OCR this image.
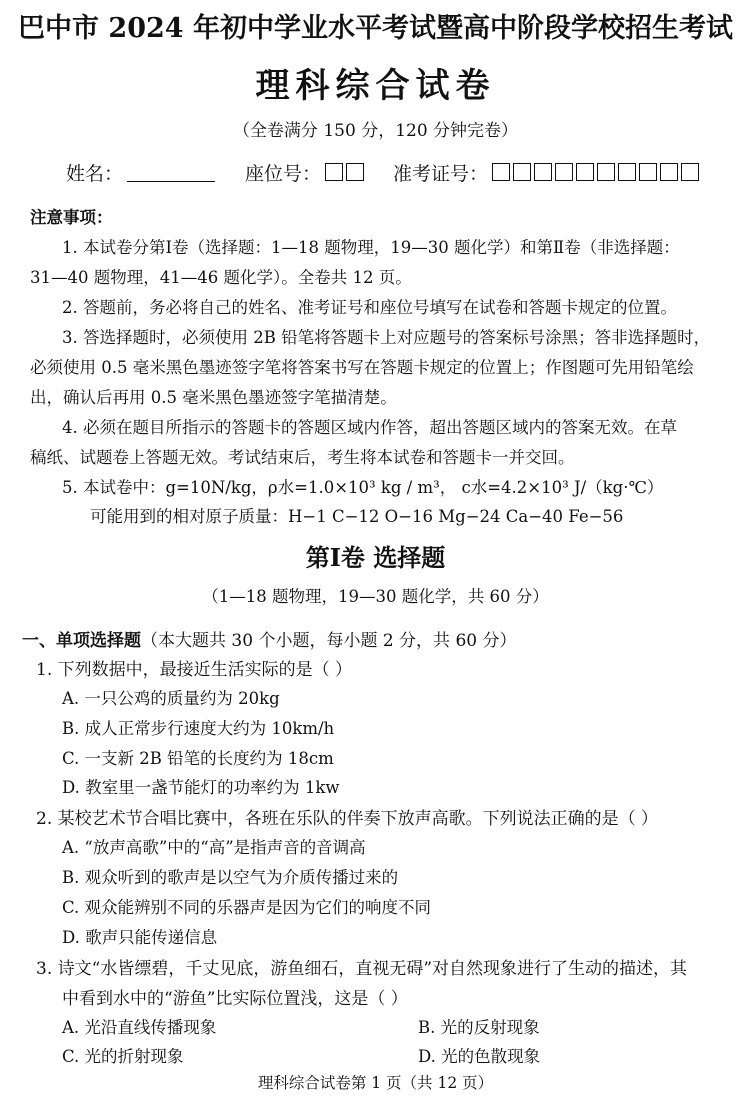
巴中市 2024 年初中学业水平考试暨高中阶段学校招生考试
理科综合试卷
（全卷满分 150 分，120 分钟完卷）
姓名：	座位号：	准考证号：
注意事项：
1. 本试卷分第Ⅰ卷（选择题：1—18 题物理，19—30 题化学）和第Ⅱ卷（非选择题：
31—40 题物理，41—46 题化学）。全卷共 12 页。
2. 答题前，务必将自己的姓名、准考证号和座位号填写在试卷和答题卡规定的位置。
3. 答选择题时，必须使用 2B 铅笔将答题卡上对应题号的答案标号涂黑；答非选择题时，
必须使用 0.5 毫米黑色墨迹签字笔将答案书写在答题卡规定的位置上；作图题可先用铅笔绘
出，确认后再用 0.5 毫米黑色墨迹签字笔描清楚。
4. 必须在题目所指示的答题卡的答题区域内作答，超出答题区域内的答案无效。在草
稿纸、试题卷上答题无效。考试结束后，考生将本试卷和答题卡一并交回。
5. 本试卷中：g=10N/kg，ρ水=1.0×10³ kg / m³， c水=4.2×10³ J/（kg·℃）
可能用到的相对原子质量：H−1 C−12 O−16 Mg−24 Ca−40 Fe−56
第Ⅰ卷 选择题
（1—18 题物理，19—30 题化学，共 60 分）
一、单项选择题（本大题共 30 个小题，每小题 2 分，共 60 分）
1. 下列数据中，最接近生活实际的是（ ）
A. 一只公鸡的质量约为 20kg
B. 成人正常步行速度大约为 10km/h
C. 一支新 2B 铅笔的长度约为 18cm
D. 教室里一盏节能灯的功率约为 1kw
2. 某校艺术节合唱比赛中，各班在乐队的伴奏下放声高歌。下列说法正确的是（ ）
A. “放声高歌”中的“高”是指声音的音调高
B. 观众听到的歌声是以空气为介质传播过来的
C. 观众能辨别不同的乐器声是因为它们的响度不同
D. 歌声只能传递信息
3. 诗文“水皆缥碧，千丈见底，游鱼细石，直视无碍”对自然现象进行了生动的描述，其
中看到水中的“游鱼”比实际位置浅，这是（ ）
A. 光沿直线传播现象	B. 光的反射现象
C. 光的折射现象	D. 光的色散现象
理科综合试卷第 1 页（共 12 页）
